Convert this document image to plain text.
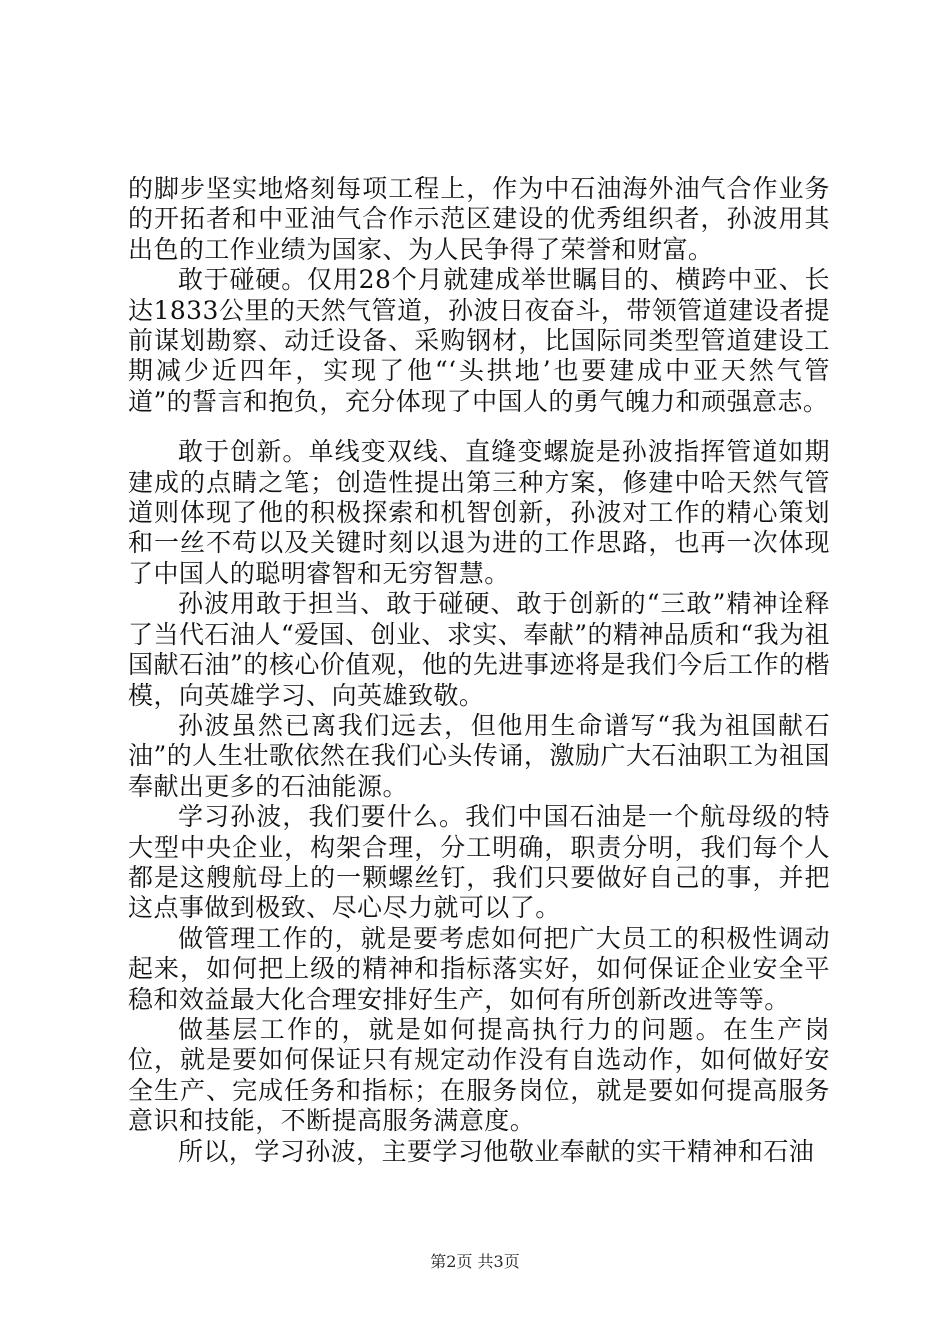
的脚步坚实地烙刻每项工程上，作为中石油海外油气合作业务的开拓者和中亚油气合作示范区建设的优秀组织者，孙波用其出色的工作业绩为国家、为人民争得了荣誉和财富。

敢于碰硬。仅用28个月就建成举世瞩目的、横跨中亚、长达1833公里的天然气管道，孙波日夜奋斗，带领管道建设者提前谋划勘察、动迁设备、采购钢材，比国际同类型管道建设工期减少近四年，实现了他“‘头拱地’也要建成中亚天然气管道”的誓言和抱负，充分体现了中国人的勇气魄力和顽强意志。

敢于创新。单线变双线、直缝变螺旋是孙波指挥管道如期建成的点睛之笔；创造性提出第三种方案，修建中哈天然气管道则体现了他的积极探索和机智创新，孙波对工作的精心策划和一丝不苟以及关键时刻以退为进的工作思路，也再一次体现了中国人的聪明睿智和无穷智慧。

孙波用敢于担当、敢于碰硬、敢于创新的“三敢”精神诠释了当代石油人“爱国、创业、求实、奉献”的精神品质和“我为祖国献石油”的核心价值观，他的先进事迹将是我们今后工作的楷模，向英雄学习、向英雄致敬。

孙波虽然已离我们远去，但他用生命谱写“我为祖国献石油”的人生壮歌依然在我们心头传诵，激励广大石油职工为祖国奉献出更多的石油能源。

学习孙波，我们要什么。我们中国石油是一个航母级的特大型中央企业，构架合理，分工明确，职责分明，我们每个人都是这艘航母上的一颗螺丝钉，我们只要做好自己的事，并把这点事做到极致、尽心尽力就可以了。

做管理工作的，就是要考虑如何把广大员工的积极性调动起来，如何把上级的精神和指标落实好，如何保证企业安全平稳和效益最大化合理安排好生产，如何有所创新改进等等。

做基层工作的，就是如何提高执行力的问题。在生产岗位，就是要如何保证只有规定动作没有自选动作，如何做好安全生产、完成任务和指标；在服务岗位，就是要如何提高服务意识和技能，不断提高服务满意度。

所以，学习孙波，主要学习他敬业奉献的实干精神和石油

第2页 共3页
